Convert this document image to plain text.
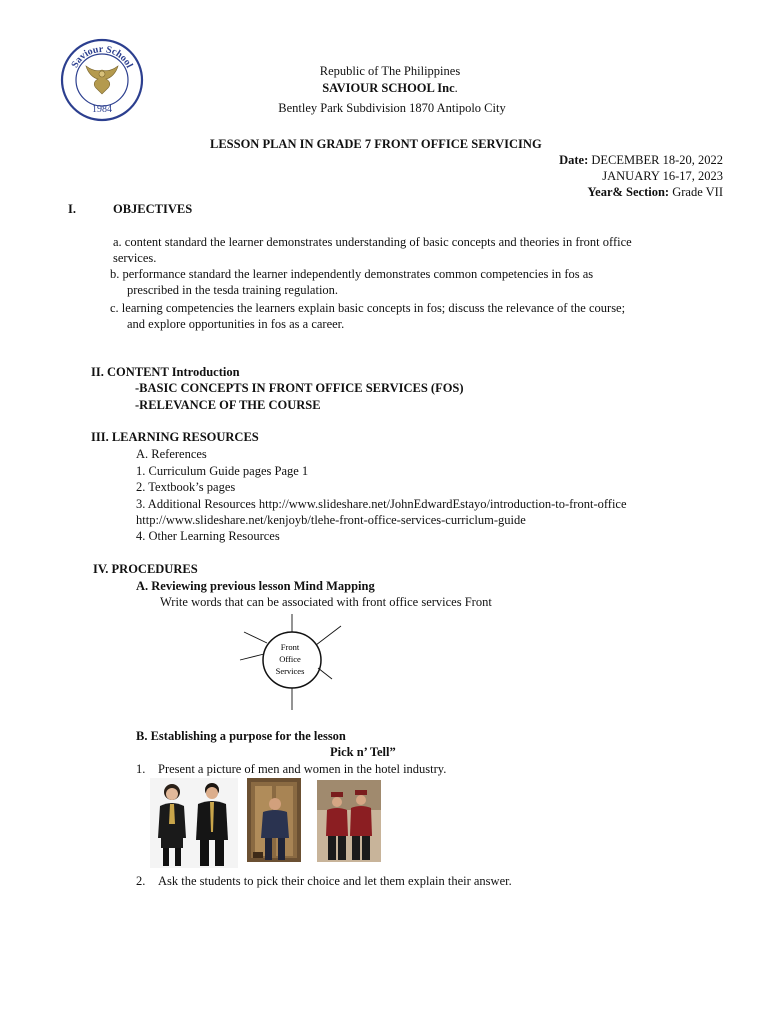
Saviour School
1984
Republic of The Philippines
SAVIOUR SCHOOL Inc.
Bentley Park Subdivision 1870 Antipolo City
LESSON PLAN IN GRADE 7 FRONT OFFICE SERVICING
Date: DECEMBER 18-20, 2022
JANUARY 16-17, 2023
Year& Section: Grade VII
I.	OBJECTIVES
a. content standard the learner demonstrates understanding of basic concepts and theories in front office
services.
b. performance standard the learner independently demonstrates common competencies in fos as
prescribed in the tesda training regulation.
c. learning competencies the learners explain basic concepts in fos; discuss the relevance of the course;
and explore opportunities in fos as a career.
II. CONTENT Introduction
-BASIC CONCEPTS IN FRONT OFFICE SERVICES (FOS)
-RELEVANCE OF THE COURSE
III. LEARNING RESOURCES
A. References
1. Curriculum Guide pages Page 1
2. Textbook’s pages
3. Additional Resources http://www.slideshare.net/JohnEdwardEstayo/introduction-to-front-office
http://www.slideshare.net/kenjoyb/tlehe-front-office-services-curriclum-guide
4. Other Learning Resources
IV. PROCEDURES
A. Reviewing previous lesson Mind Mapping
Write words that can be associated with front office services Front
Front
Office
Services
B. Establishing a purpose for the lesson
Pick n’ Tell”
1. Present a picture of men and women in the hotel industry.
2. Ask the students to pick their choice and let them explain their answer.
